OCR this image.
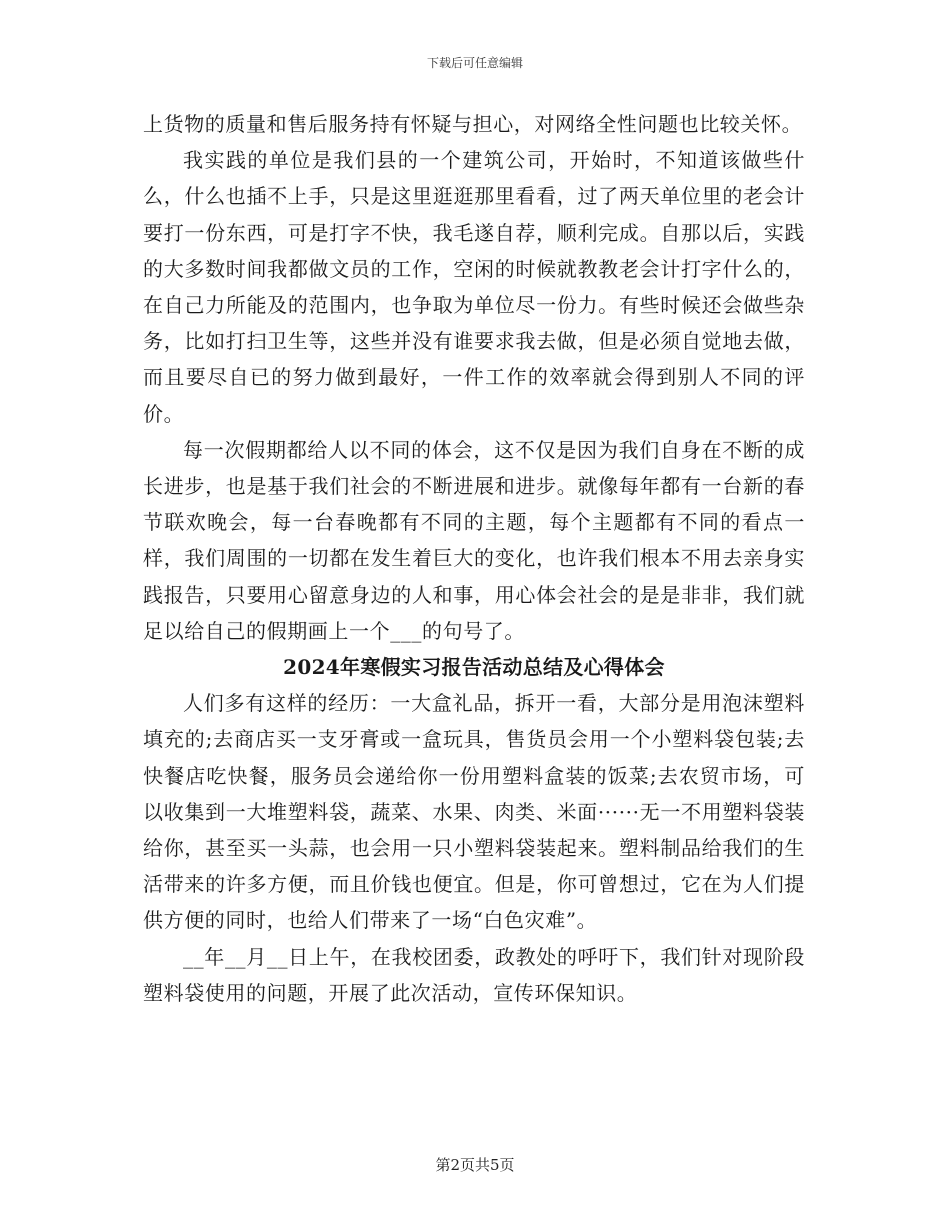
下载后可任意编辑

上货物的质量和售后服务持有怀疑与担心，对网络全性问题也比较关怀。

我实践的单位是我们县的一个建筑公司，开始时，不知道该做些什么，什么也插不上手，只是这里逛逛那里看看，过了两天单位里的老会计要打一份东西，可是打字不快，我毛遂自荐，顺利完成。自那以后，实践的大多数时间我都做文员的工作，空闲的时候就教教老会计打字什么的，在自己力所能及的范围内，也争取为单位尽一份力。有些时候还会做些杂务，比如打扫卫生等，这些并没有谁要求我去做，但是必须自觉地去做，而且要尽自已的努力做到最好，一件工作的效率就会得到别人不同的评价。

每一次假期都给人以不同的体会，这不仅是因为我们自身在不断的成长进步，也是基于我们社会的不断进展和进步。就像每年都有一台新的春节联欢晚会，每一台春晚都有不同的主题，每个主题都有不同的看点一样，我们周围的一切都在发生着巨大的变化，也许我们根本不用去亲身实践报告，只要用心留意身边的人和事，用心体会社会的是是非非，我们就足以给自己的假期画上一个___的句号了。

2024年寒假实习报告活动总结及心得体会

人们多有这样的经历：一大盒礼品，拆开一看，大部分是用泡沫塑料填充的;去商店买一支牙膏或一盒玩具，售货员会用一个小塑料袋包装;去快餐店吃快餐，服务员会递给你一份用塑料盒装的饭菜;去农贸市场，可以收集到一大堆塑料袋，蔬菜、水果、肉类、米面······无一不用塑料袋装给你，甚至买一头蒜，也会用一只小塑料袋装起来。塑料制品给我们的生活带来的许多方便，而且价钱也便宜。但是，你可曾想过，它在为人们提供方便的同时，也给人们带来了一场“白色灾难”。

__年__月__日上午，在我校团委，政教处的呼吁下，我们针对现阶段塑料袋使用的问题，开展了此次活动，宣传环保知识。

第2页共5页
